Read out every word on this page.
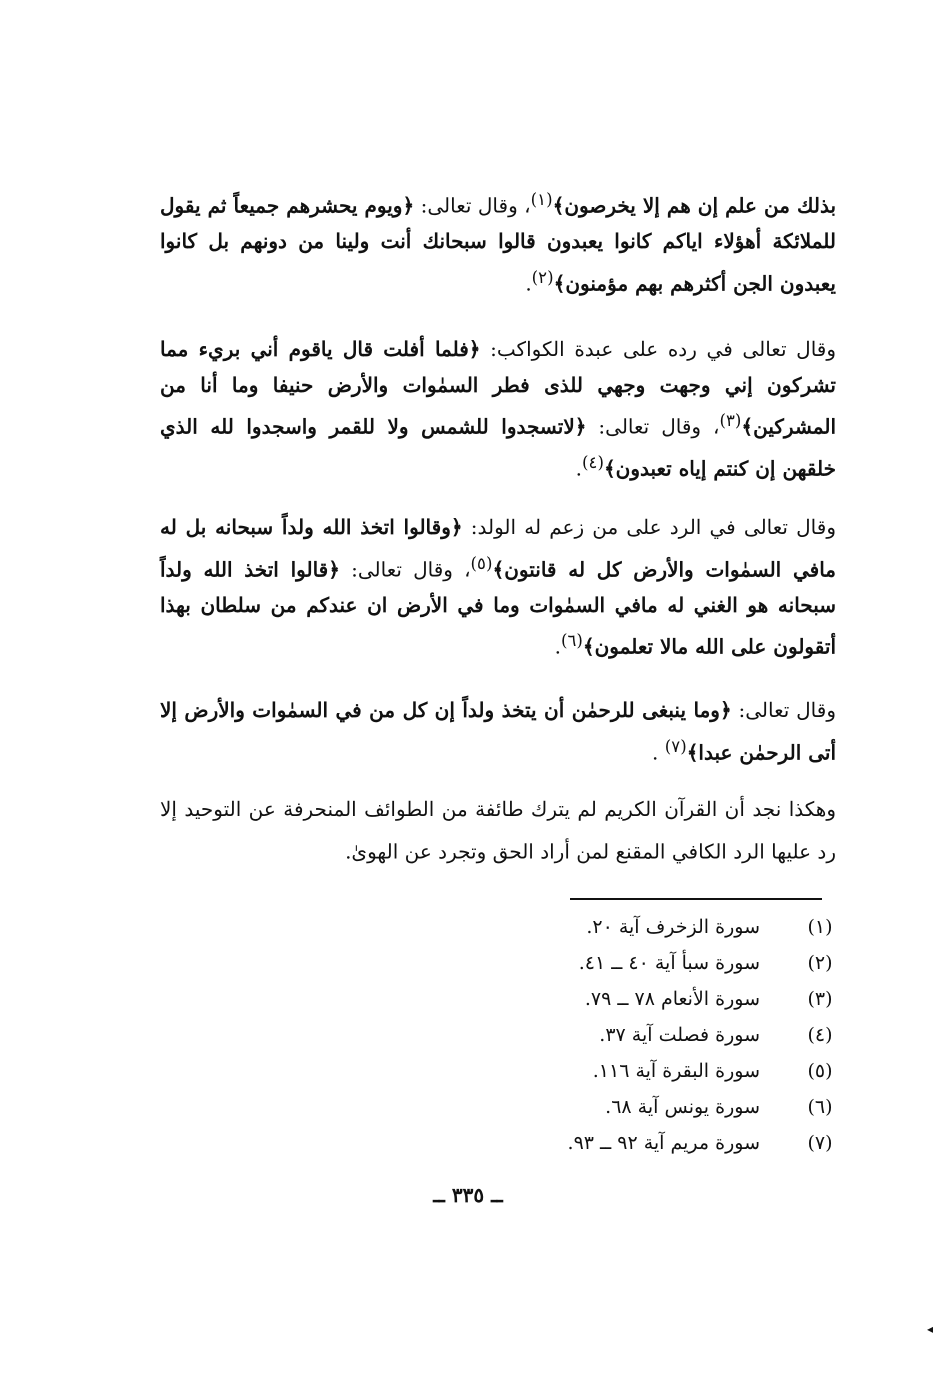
بذلك من علم إن هم إلا يخرصون﴾$^{(١)}$، وقال تعالى: ﴿ويوم يحشرهم جميعاً ثم يقول للملائكة أهؤلاء اياكم كانوا يعبدون قالوا سبحانك أنت ولينا من دونهم بل كانوا يعبدون الجن أكثرهم بهم مؤمنون﴾$^{(٢)}$.
وقال تعالى في رده على عبدة الكواكب: ﴿فلما أفلت قال ياقوم أني بريء مما تشركون إني وجهت وجهي للذى فطر السمٰوات والأرض حنيفا وما أنا من المشركين﴾$^{(٣)}$، وقال تعالى: ﴿لاتسجدوا للشمس ولا للقمر واسجدوا لله الذي خلقهن إن كنتم إياه تعبدون﴾$^{(٤)}$.
وقال تعالى في الرد على من زعم له الولد: ﴿وقالوا اتخذ الله ولداً سبحانه بل له مافي السمٰوات والأرض كل له قانتون﴾$^{(٥)}$، وقال تعالى: ﴿قالوا اتخذ الله ولداً سبحانه هو الغني له مافي السمٰوات وما في الأرض ان عندكم من سلطان بهذا أتقولون على الله مالا تعلمون﴾$^{(٦)}$.
وقال تعالى: ﴿وما ينبغى للرحمٰن أن يتخذ ولداً إن كل من في السمٰوات والأرض إلا أتى الرحمٰن عبدا﴾$^{(٧)}$ .
وهكذا نجد أن القرآن الكريم لم يترك طائفة من الطوائف المنحرفة عن التوحيد إلا رد عليها الرد الكافي المقنع لمن أراد الحق وتجرد عن الهوىٰ.
(١)
سورة الزخرف آية ٢٠.
(٢)
سورة سبأ آية ٤٠ ــ ٤١.
(٣)
سورة الأنعام ٧٨ ــ ٧٩.
(٤)
سورة فصلت آية ٣٧.
(٥)
سورة البقرة آية ١١٦.
(٦)
سورة يونس آية ٦٨.
(٧)
سورة مريم آية ٩٢ ــ ٩٣.
ــ ٣٣٥ ــ
◂
